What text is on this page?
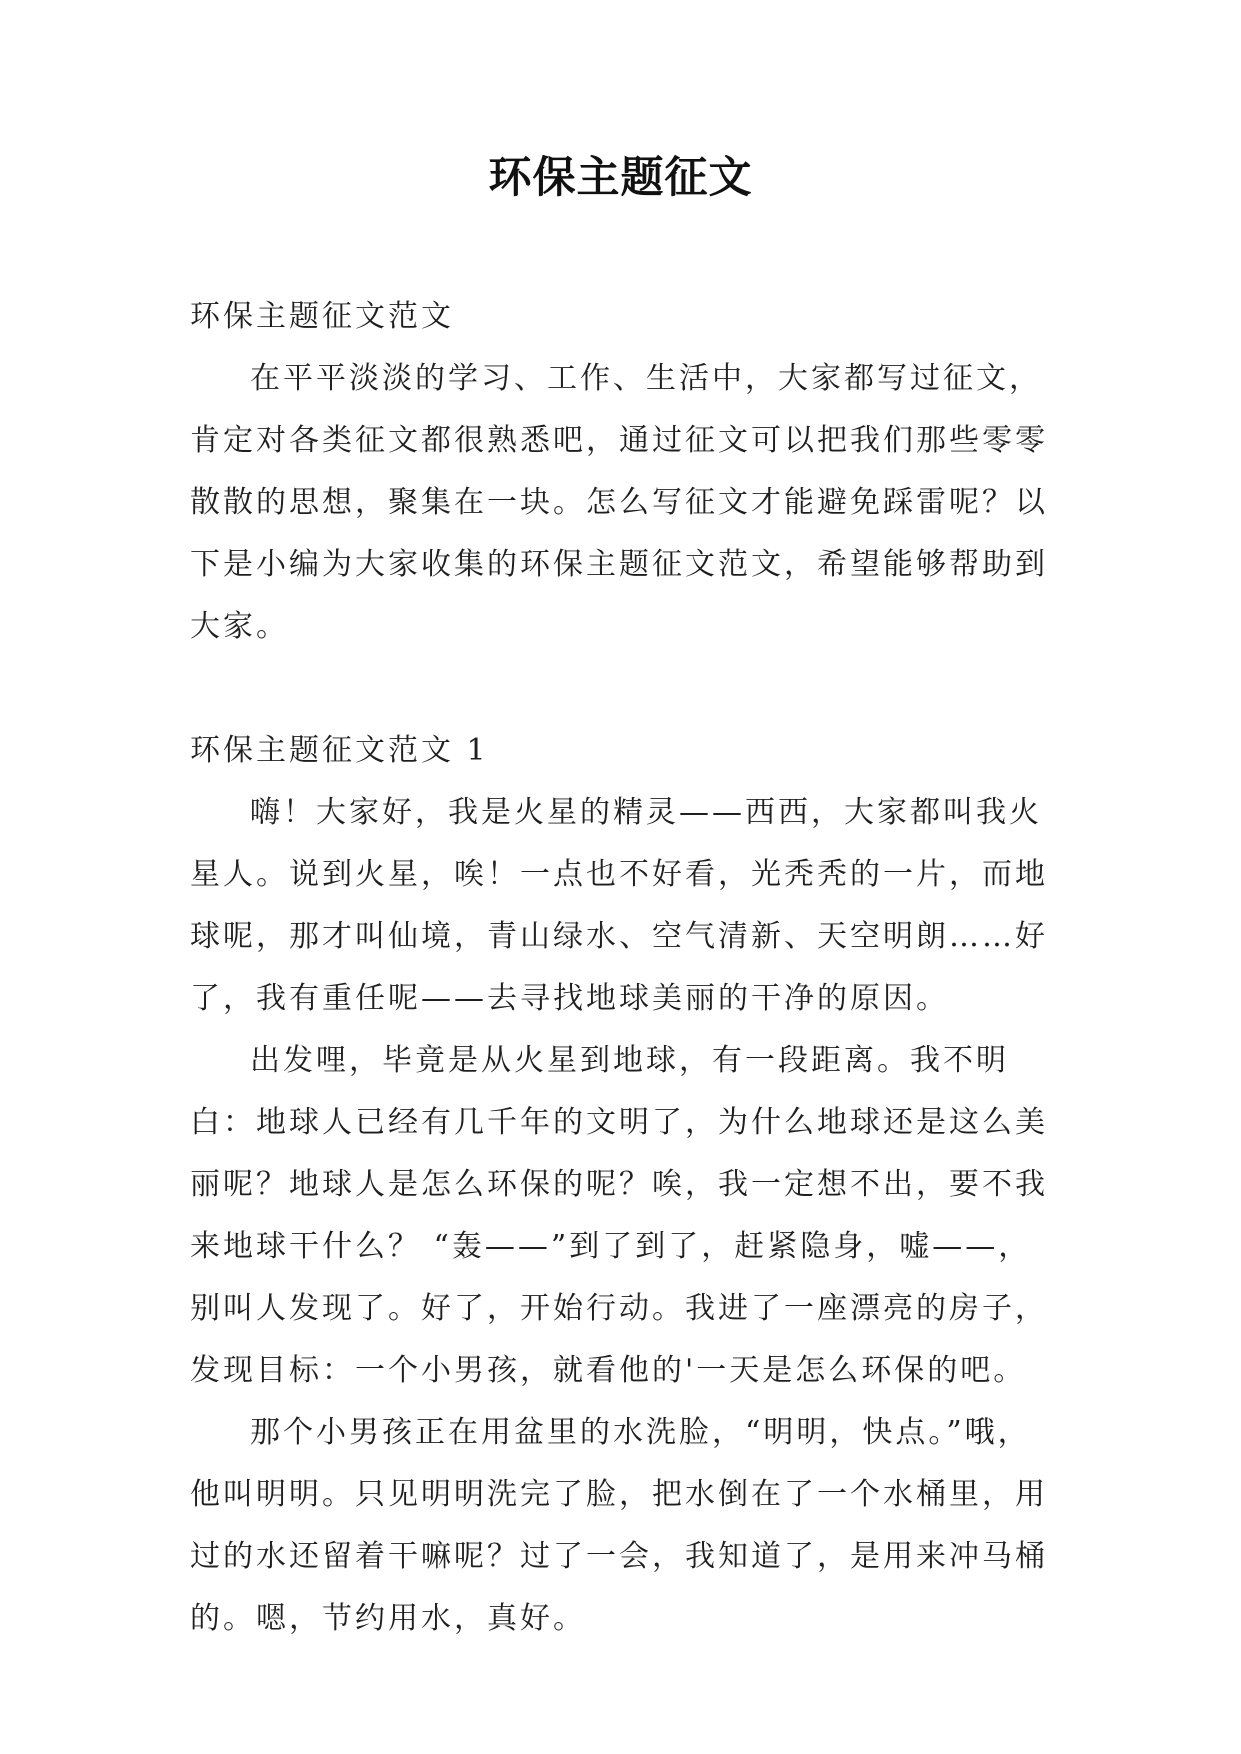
环保主题征文

环保主题征文范文

在平平淡淡的学习、工作、生活中，大家都写过征文，肯定对各类征文都很熟悉吧，通过征文可以把我们那些零零散散的思想，聚集在一块。怎么写征文才能避免踩雷呢？以下是小编为大家收集的环保主题征文范文，希望能够帮助到大家。

环保主题征文范文 1

嗨！大家好，我是火星的精灵——西西，大家都叫我火星人。说到火星，唉！一点也不好看，光秃秃的一片，而地球呢，那才叫仙境，青山绿水、空气清新、天空明朗……好了，我有重任呢——去寻找地球美丽的干净的原因。

出发哩，毕竟是从火星到地球，有一段距离。我不明白：地球人已经有几千年的文明了，为什么地球还是这么美丽呢？地球人是怎么环保的呢？唉，我一定想不出，要不我来地球干什么？ “轰——”到了到了，赶紧隐身，嘘——，别叫人发现了。好了，开始行动。我进了一座漂亮的房子，发现目标：一个小男孩，就看他的'一天是怎么环保的吧。

那个小男孩正在用盆里的水洗脸，“明明，快点。”哦，他叫明明。只见明明洗完了脸，把水倒在了一个水桶里，用过的水还留着干嘛呢？过了一会，我知道了，是用来冲马桶的。嗯，节约用水，真好。
